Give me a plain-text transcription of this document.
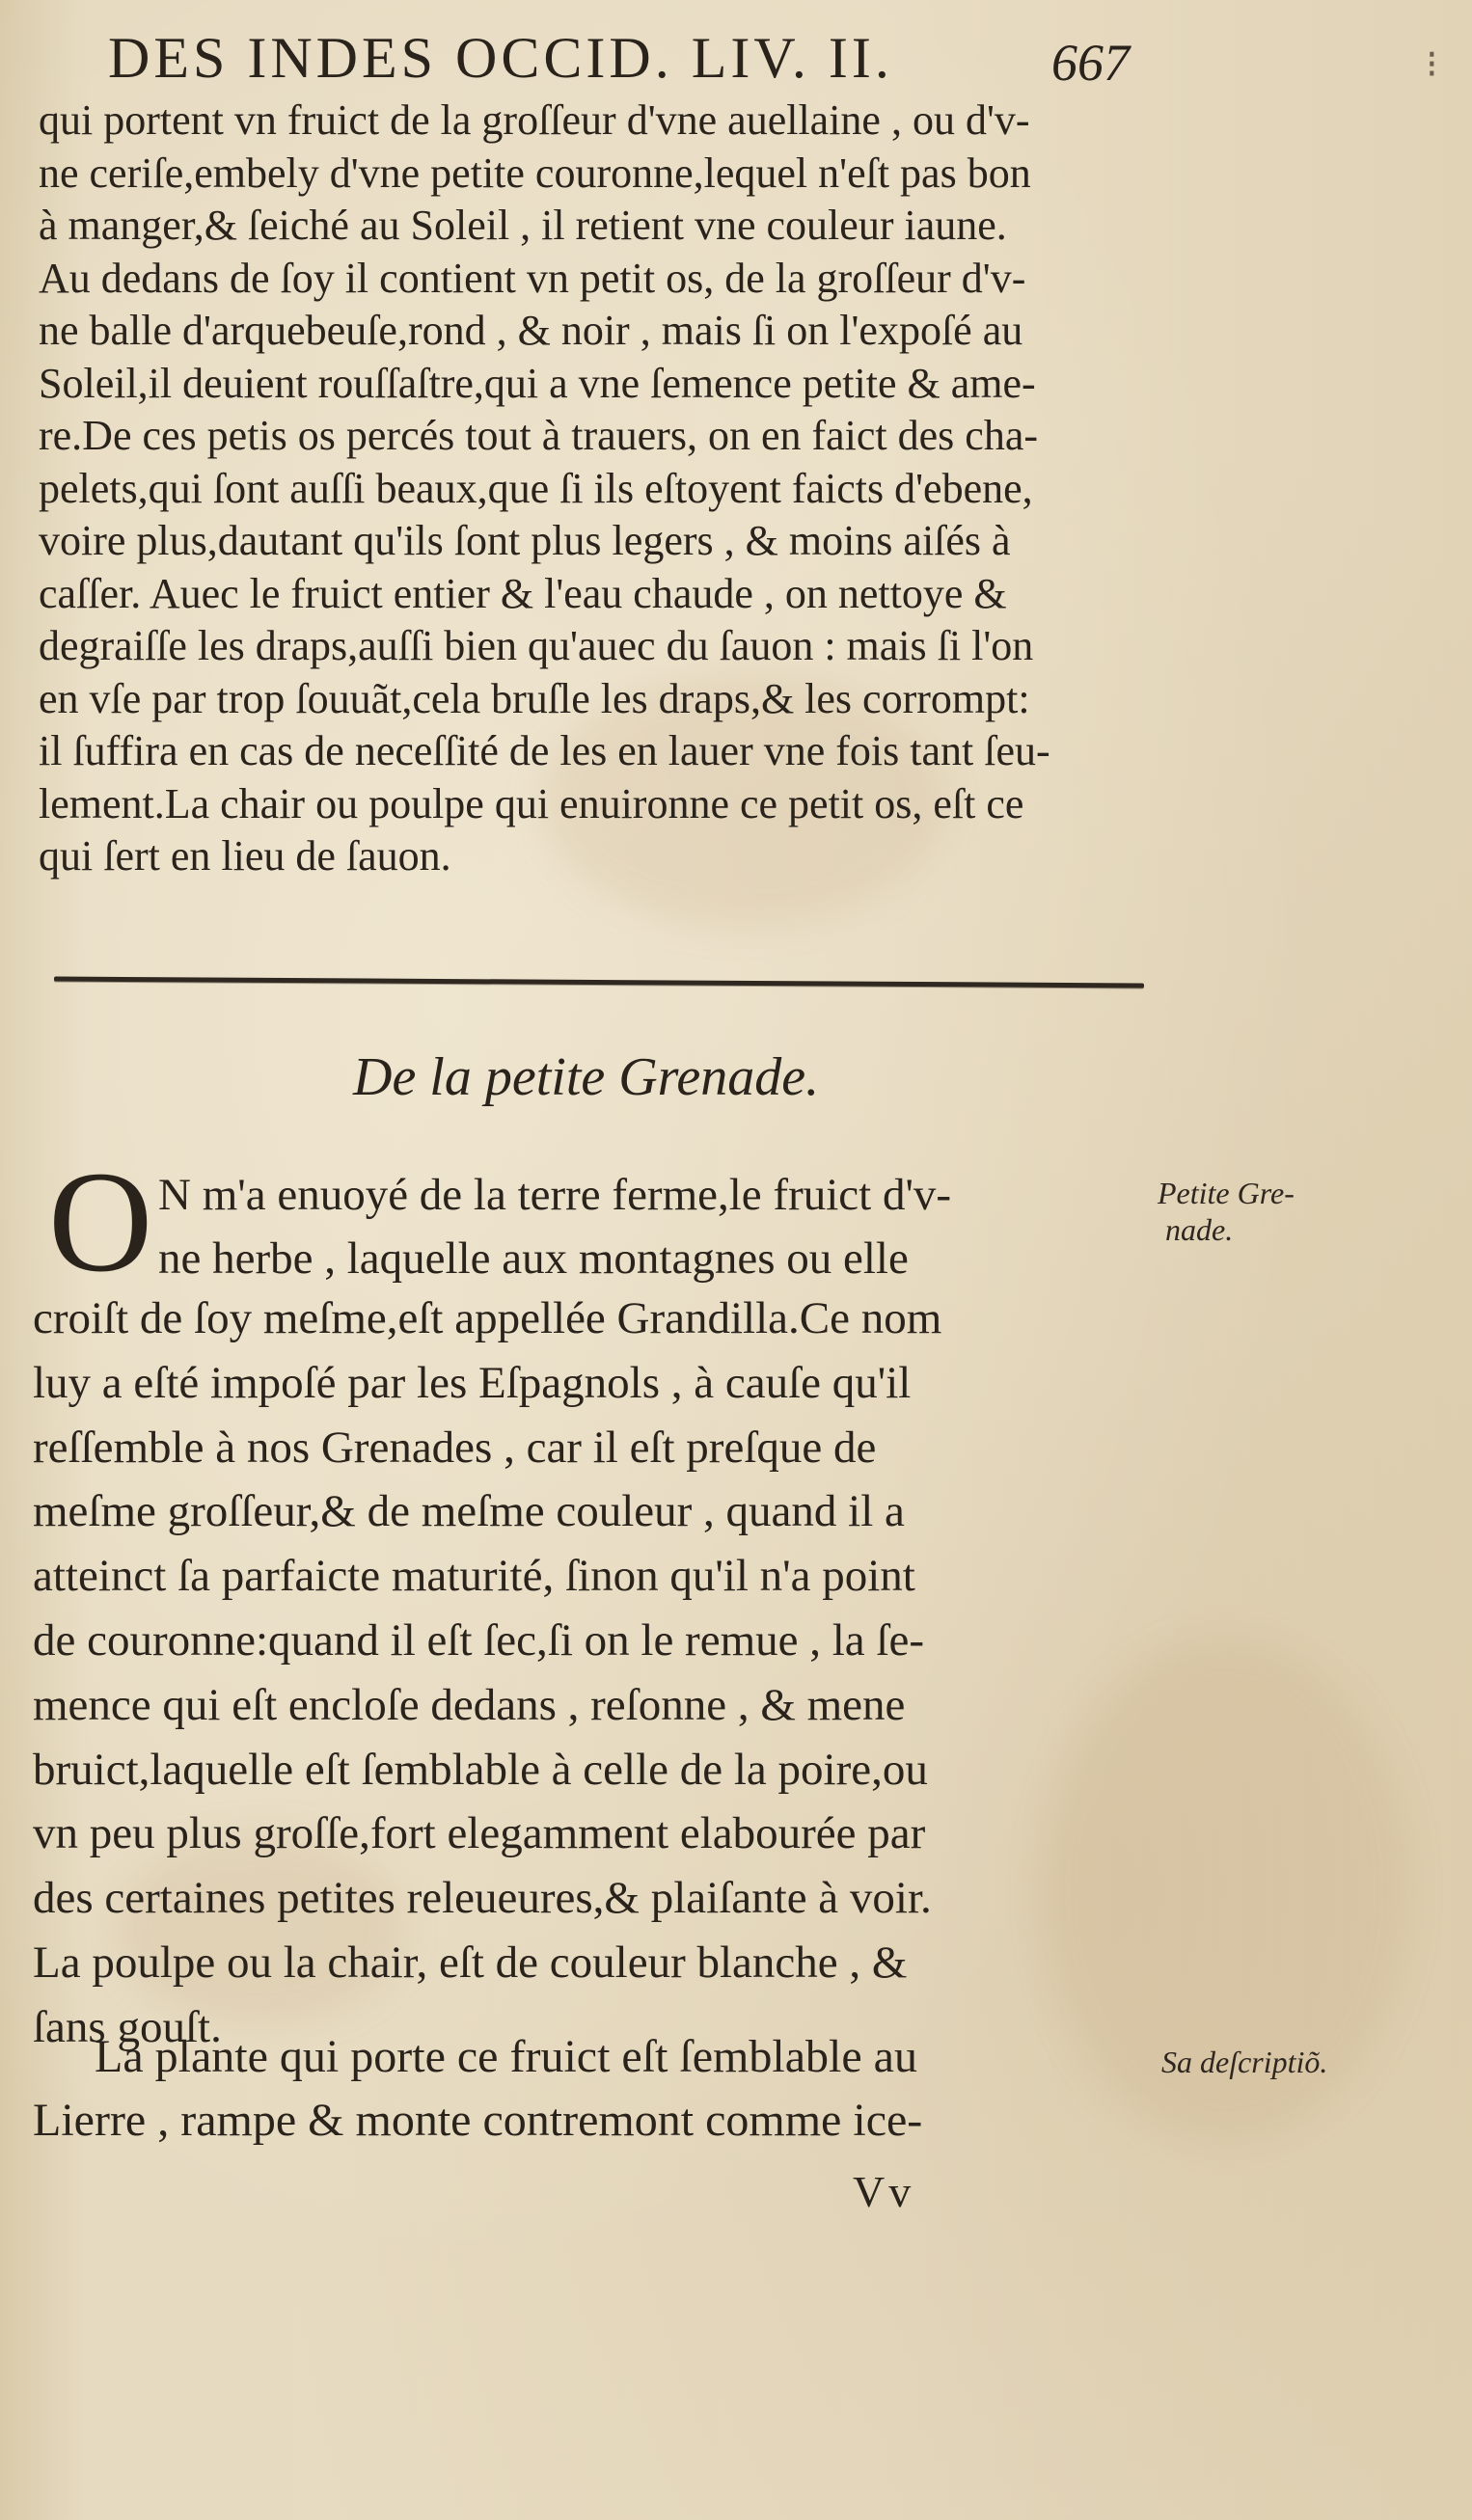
DES INDES OCCID. LIV. II.	667	⁝

qui portent vn fruict de la groſſeur d'vne auellaine , ou d'v-
ne ceriſe,embely d'vne petite couronne,lequel n'eſt pas bon
à manger,& ſeiché au Soleil , il retient vne couleur iaune.
Au dedans de ſoy il contient vn petit os, de la groſſeur d'v-
ne balle d'arquebeuſe,rond , & noir , mais ſi on l'expoſé au
Soleil,il deuient rouſſaſtre,qui a vne ſemence petite & ame-
re.De ces petis os percés tout à trauers, on en faict des cha-
pelets,qui ſont auſſi beaux,que ſi ils eſtoyent faicts d'ebene,
voire plus,dautant qu'ils ſont plus legers , & moins aiſés à
caſſer. Auec le fruict entier & l'eau chaude , on nettoye &
degraiſſe les draps,auſſi bien qu'auec du ſauon : mais ſi l'on
en vſe par trop ſouuãt,cela bruſle les draps,& les corrompt:
il ſuffira en cas de neceſſité de les en lauer vne fois tant ſeu-
lement.La chair ou poulpe qui enuironne ce petit os, eſt ce
qui ſert en lieu de ſauon.

De la petite Grenade.
O N m'a enuoyé de la terre ferme,le fruict d'v-
ne herbe , laquelle aux montagnes ou elle

croiſt de ſoy meſme,eſt appellée Grandilla.Ce nom
luy a eſté impoſé par les Eſpagnols , à cauſe qu'il
reſſemble à nos Grenades , car il eſt preſque de
meſme groſſeur,& de meſme couleur , quand il a
atteinct ſa parfaicte maturité, ſinon qu'il n'a point
de couronne:quand il eſt ſec,ſi on le remue , la ſe-
mence qui eſt encloſe dedans , reſonne , & mene
bruict,laquelle eſt ſemblable à celle de la poire,ou
vn peu plus groſſe,fort elegamment elabourée par
des certaines petites releueures,& plaiſante à voir.
La poulpe ou la chair, eſt de couleur blanche , &
ſans gouſt.

La plante qui porte ce fruict eſt ſemblable au
Lierre , rampe & monte contremont comme ice-

Vv
Petite Gre-
nade.
Sa deſcriptiõ.
